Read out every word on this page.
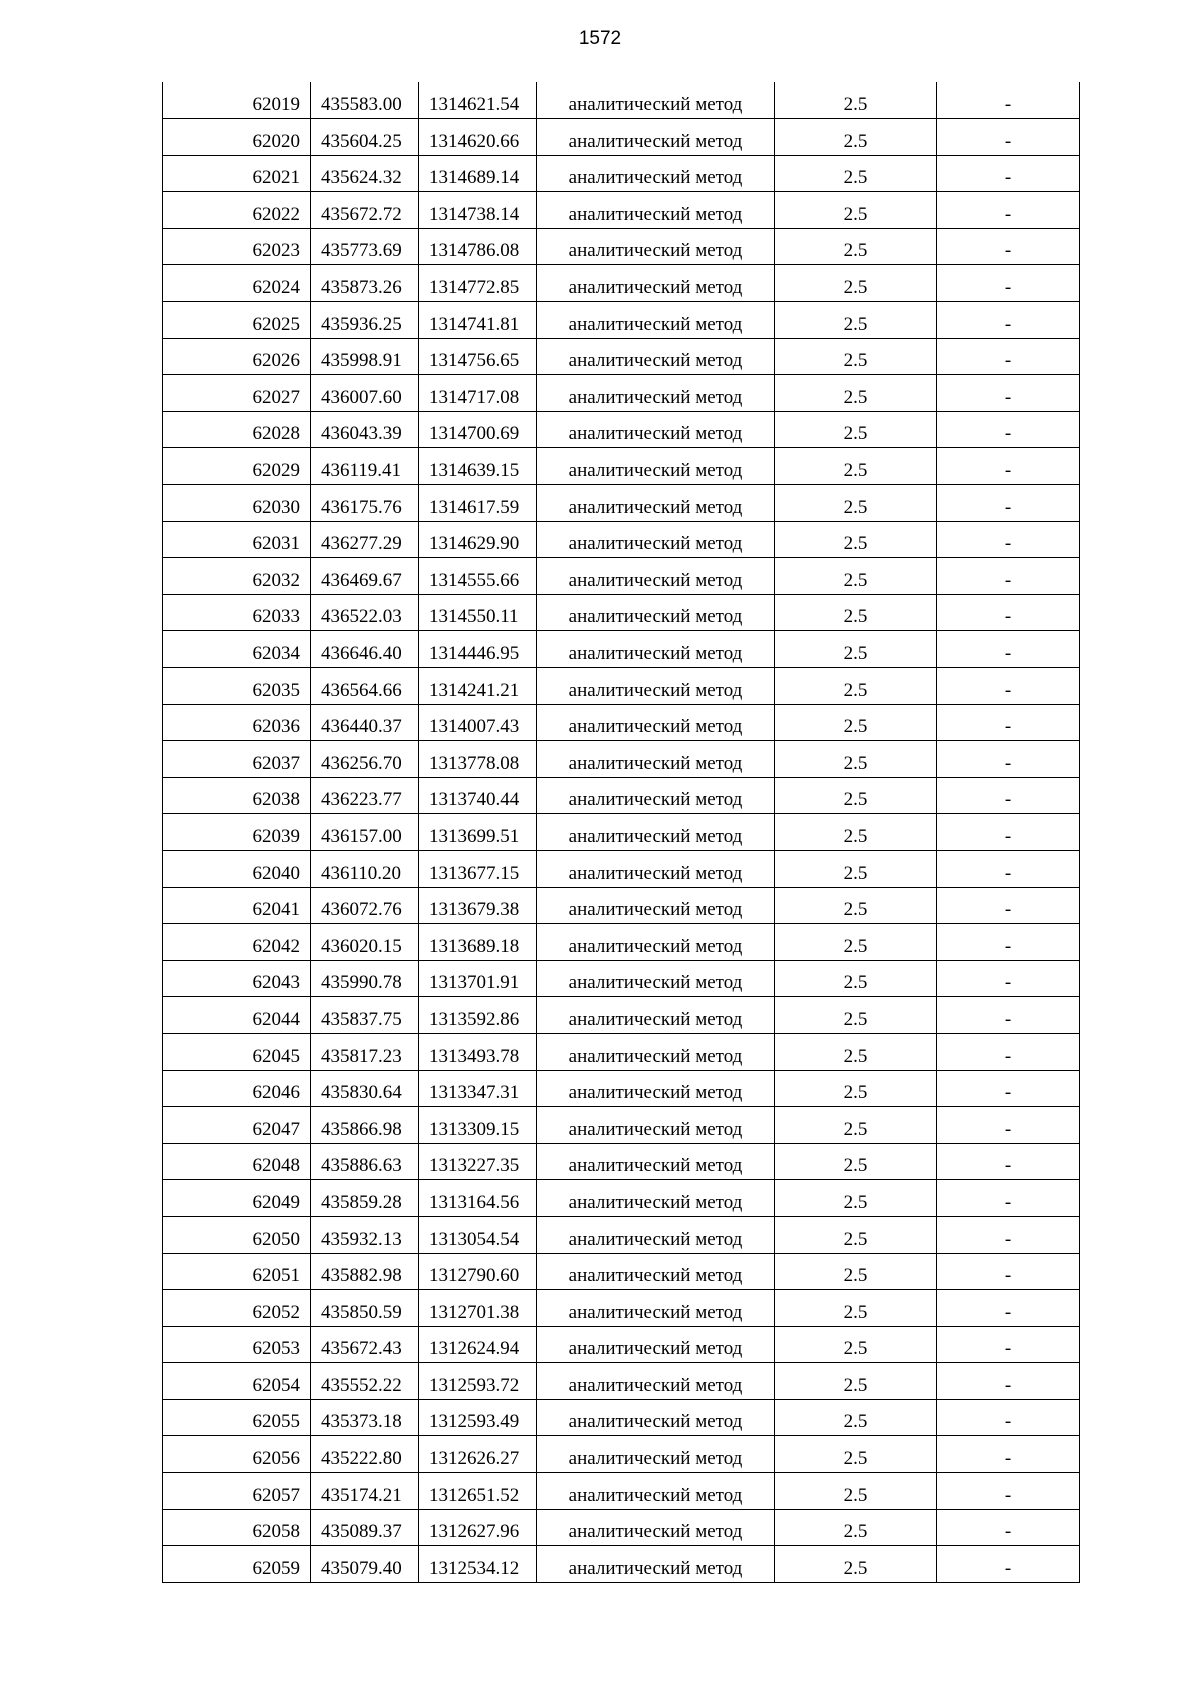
1572
62019	435583.00	1314621.54	аналитический метод	2.5	-
62020	435604.25	1314620.66	аналитический метод	2.5	-
62021	435624.32	1314689.14	аналитический метод	2.5	-
62022	435672.72	1314738.14	аналитический метод	2.5	-
62023	435773.69	1314786.08	аналитический метод	2.5	-
62024	435873.26	1314772.85	аналитический метод	2.5	-
62025	435936.25	1314741.81	аналитический метод	2.5	-
62026	435998.91	1314756.65	аналитический метод	2.5	-
62027	436007.60	1314717.08	аналитический метод	2.5	-
62028	436043.39	1314700.69	аналитический метод	2.5	-
62029	436119.41	1314639.15	аналитический метод	2.5	-
62030	436175.76	1314617.59	аналитический метод	2.5	-
62031	436277.29	1314629.90	аналитический метод	2.5	-
62032	436469.67	1314555.66	аналитический метод	2.5	-
62033	436522.03	1314550.11	аналитический метод	2.5	-
62034	436646.40	1314446.95	аналитический метод	2.5	-
62035	436564.66	1314241.21	аналитический метод	2.5	-
62036	436440.37	1314007.43	аналитический метод	2.5	-
62037	436256.70	1313778.08	аналитический метод	2.5	-
62038	436223.77	1313740.44	аналитический метод	2.5	-
62039	436157.00	1313699.51	аналитический метод	2.5	-
62040	436110.20	1313677.15	аналитический метод	2.5	-
62041	436072.76	1313679.38	аналитический метод	2.5	-
62042	436020.15	1313689.18	аналитический метод	2.5	-
62043	435990.78	1313701.91	аналитический метод	2.5	-
62044	435837.75	1313592.86	аналитический метод	2.5	-
62045	435817.23	1313493.78	аналитический метод	2.5	-
62046	435830.64	1313347.31	аналитический метод	2.5	-
62047	435866.98	1313309.15	аналитический метод	2.5	-
62048	435886.63	1313227.35	аналитический метод	2.5	-
62049	435859.28	1313164.56	аналитический метод	2.5	-
62050	435932.13	1313054.54	аналитический метод	2.5	-
62051	435882.98	1312790.60	аналитический метод	2.5	-
62052	435850.59	1312701.38	аналитический метод	2.5	-
62053	435672.43	1312624.94	аналитический метод	2.5	-
62054	435552.22	1312593.72	аналитический метод	2.5	-
62055	435373.18	1312593.49	аналитический метод	2.5	-
62056	435222.80	1312626.27	аналитический метод	2.5	-
62057	435174.21	1312651.52	аналитический метод	2.5	-
62058	435089.37	1312627.96	аналитический метод	2.5	-
62059	435079.40	1312534.12	аналитический метод	2.5	-
